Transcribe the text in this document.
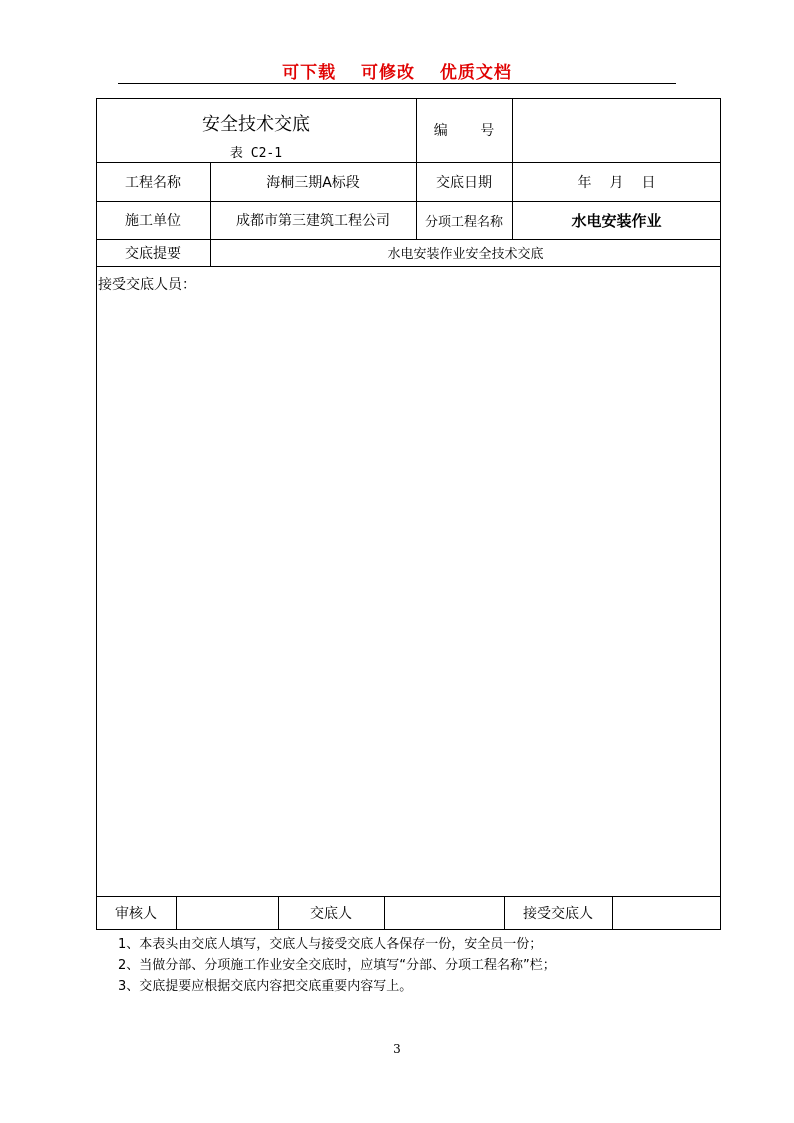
可下载 可修改 优质文档
安全技术交底
表 C2-1
编 号
工程名称	海桐三期A标段	交底日期	年 月 日
施工单位	成都市第三建筑工程公司	分项工程名称	水电安装作业
交底提要	水电安装作业安全技术交底
接受交底人员：
审核人	交底人	接受交底人
1、本表头由交底人填写，交底人与接受交底人各保存一份，安全员一份；
2、当做分部、分项施工作业安全交底时，应填写“分部、分项工程名称”栏；
3、交底提要应根据交底内容把交底重要内容写上。
3
